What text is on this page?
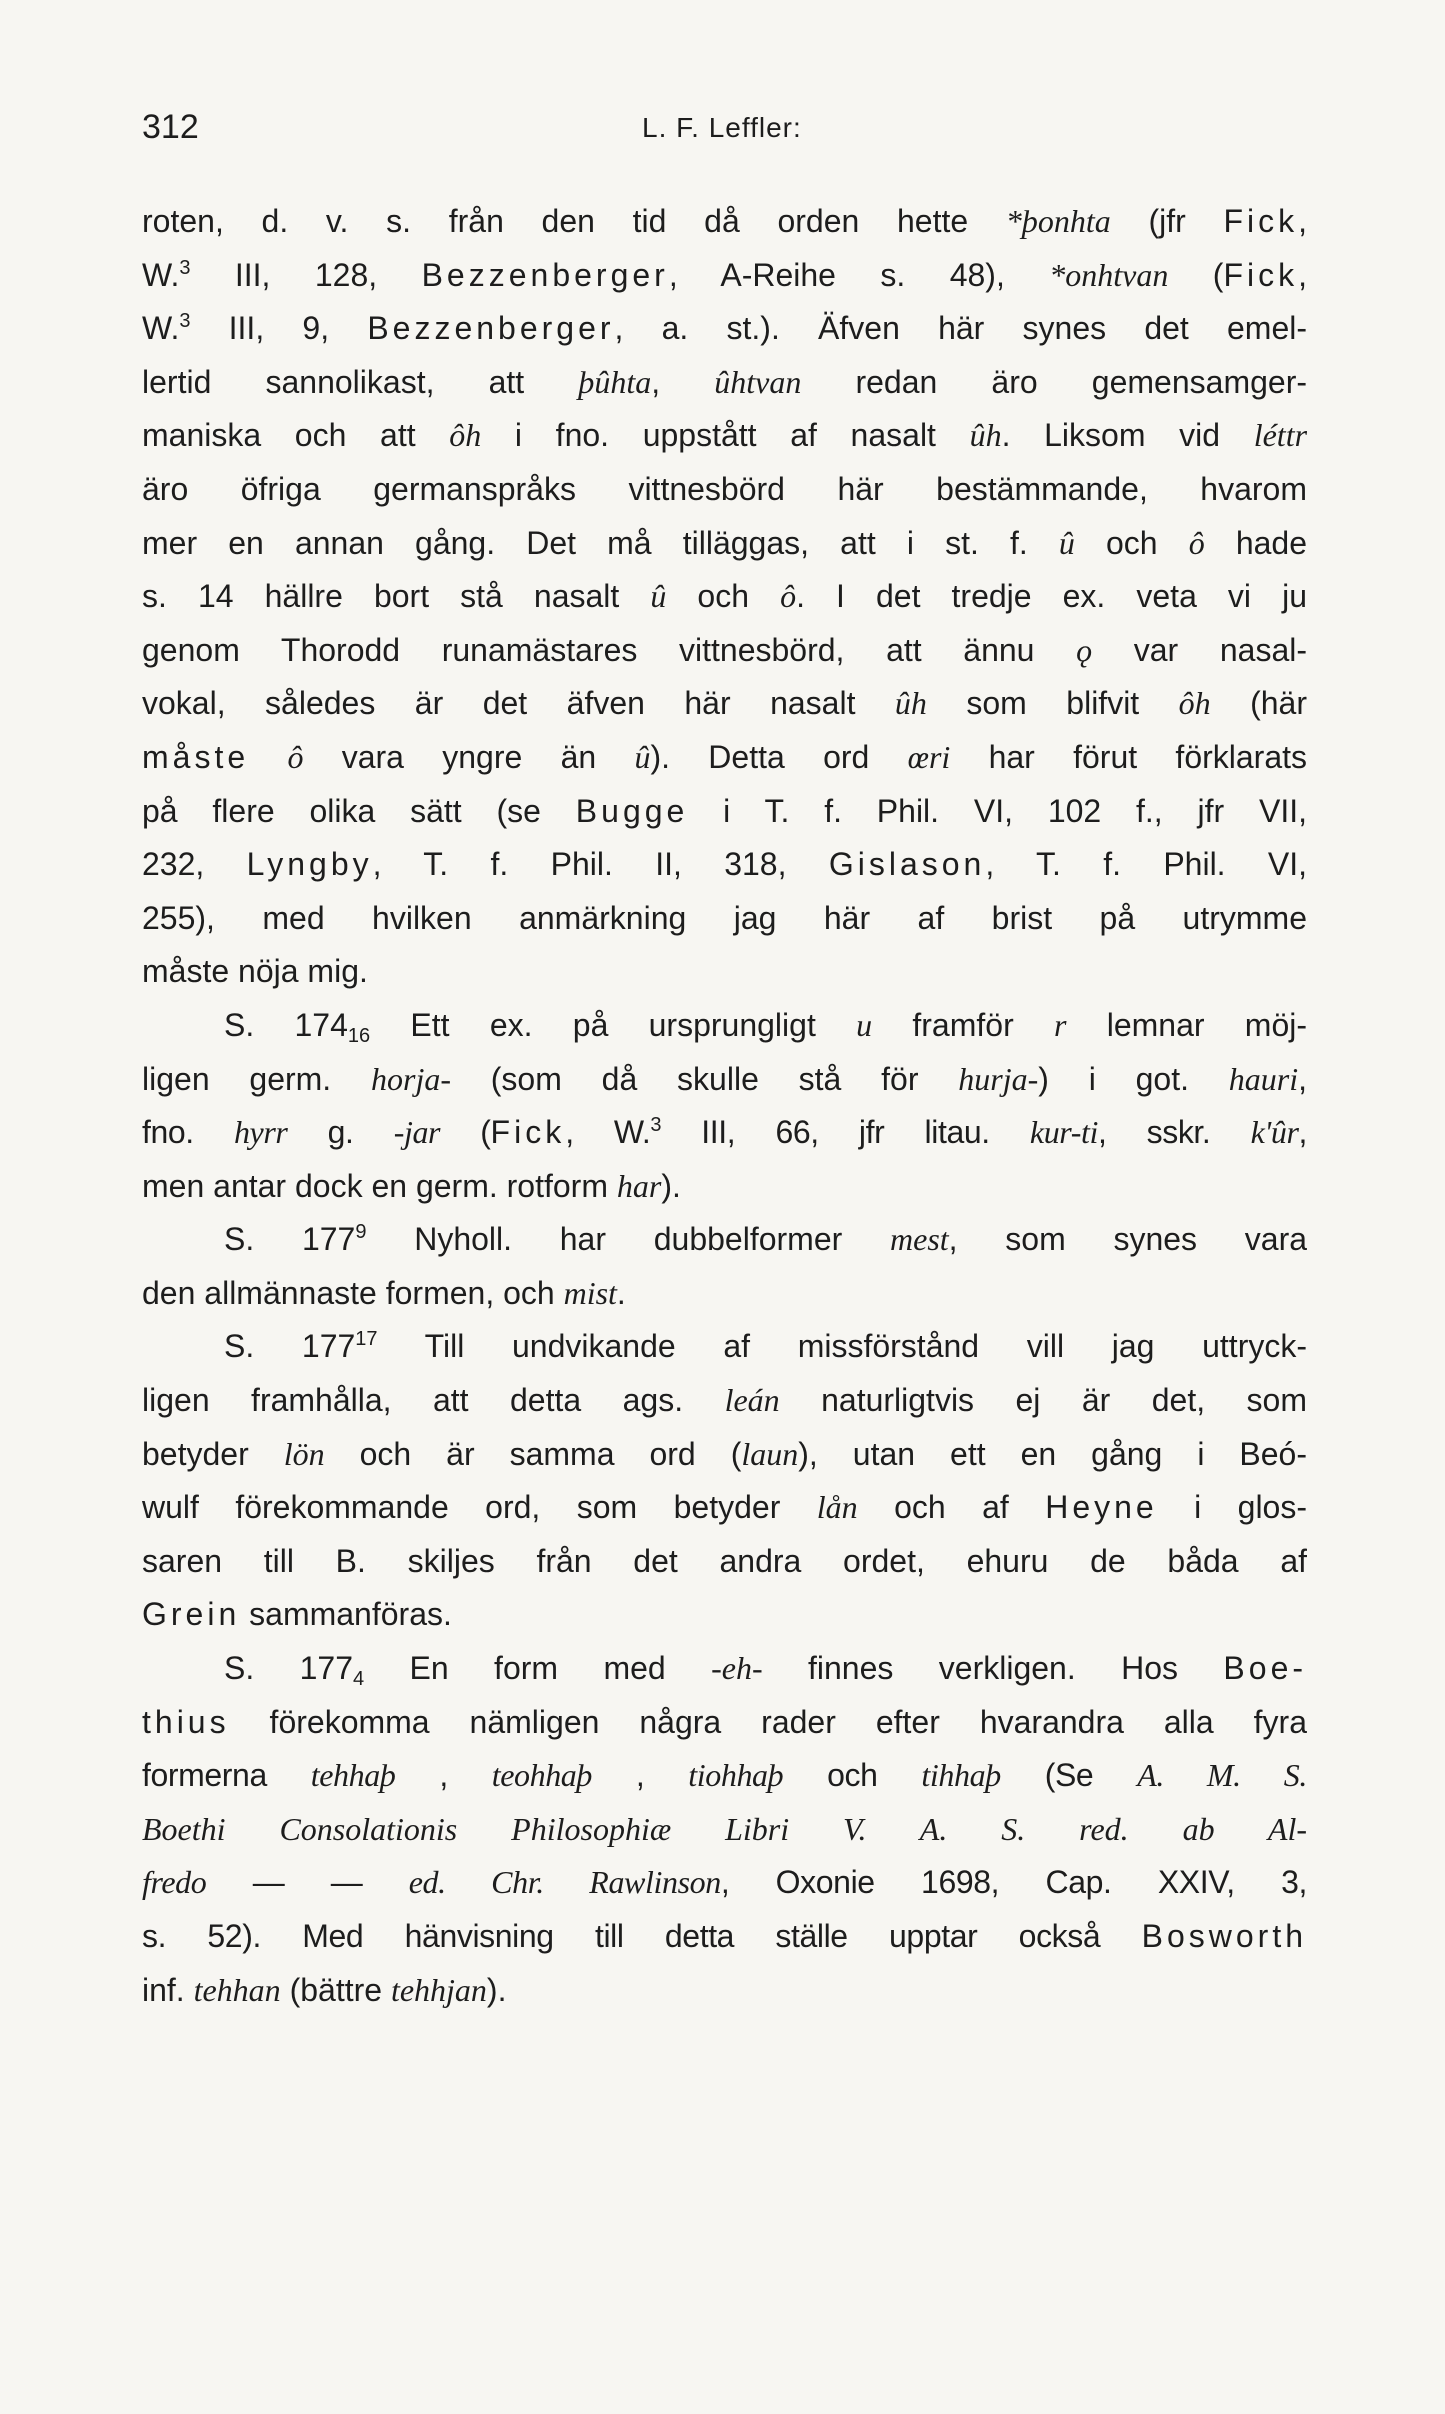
312	L. F. Leffler:
roten, d. v. s. från den tid då orden hette *þonhta (jfr Fick,
W.$^3$ III, 128, Bezzenberger, A-Reihe s. 48), *onhtvan (Fick,
W.$^3$ III, 9, Bezzenberger, a. st.). Äfven här synes det emel-
lertid sannolikast, att þûhta, ûhtvan redan äro gemensamger-
maniska och att ôh i fno. uppstått af nasalt ûh. Liksom vid léttr
äro öfriga germanspråks vittnesbörd här bestämmande, hvarom
mer en annan gång. Det må tilläggas, att i st. f. û och ô hade
s. 14 hällre bort stå nasalt û och ô. I det tredje ex. veta vi ju
genom Thorodd runamästares vittnesbörd, att ännu ǫ var nasal-
vokal, således är det äfven här nasalt ûh som blifvit ôh (här
måste ô vara yngre än û). Detta ord œri har förut förklarats
på flere olika sätt (se Bugge i T. f. Phil. VI, 102 f., jfr VII,
232, Lyngby, T. f. Phil. II, 318, Gislason, T. f. Phil. VI,
255), med hvilken anmärkning jag här af brist på utrymme
måste nöja mig.
S. $174_{16}$ Ett ex. på ursprungligt u framför r lemnar möj-
ligen germ. horja- (som då skulle stå för hurja-) i got. hauri,
fno. hyrr g. -jar (Fick, W.$^3$ III, 66, jfr litau. kur-ti, sskr. k'ûr,
men antar dock en germ. rotform har).
S. $177^9$ Nyholl. har dubbelformer mest, som synes vara
den allmännaste formen, och mist.
S. $177^{17}$ Till undvikande af missförstånd vill jag uttryck-
ligen framhålla, att detta ags. leán naturligtvis ej är det, som
betyder lön och är samma ord (laun), utan ett en gång i Beó-
wulf förekommande ord, som betyder lån och af Heyne i glos-
saren till B. skiljes från det andra ordet, ehuru de båda af
Grein sammanföras.
S. $177_4$ En form med -eh- finnes verkligen. Hos Boe-
thius förekomma nämligen några rader efter hvarandra alla fyra
formerna tehhaþ , teohhaþ , tiohhaþ och tihhaþ (Se A. M. S.
Boethi Consolationis Philosophiæ Libri V. A. S. red. ab Al-
fredo — — ed. Chr. Rawlinson, Oxonie 1698, Cap. XXIV, 3,
s. 52). Med hänvisning till detta ställe upptar också Bosworth
inf. tehhan (bättre tehhjan).
